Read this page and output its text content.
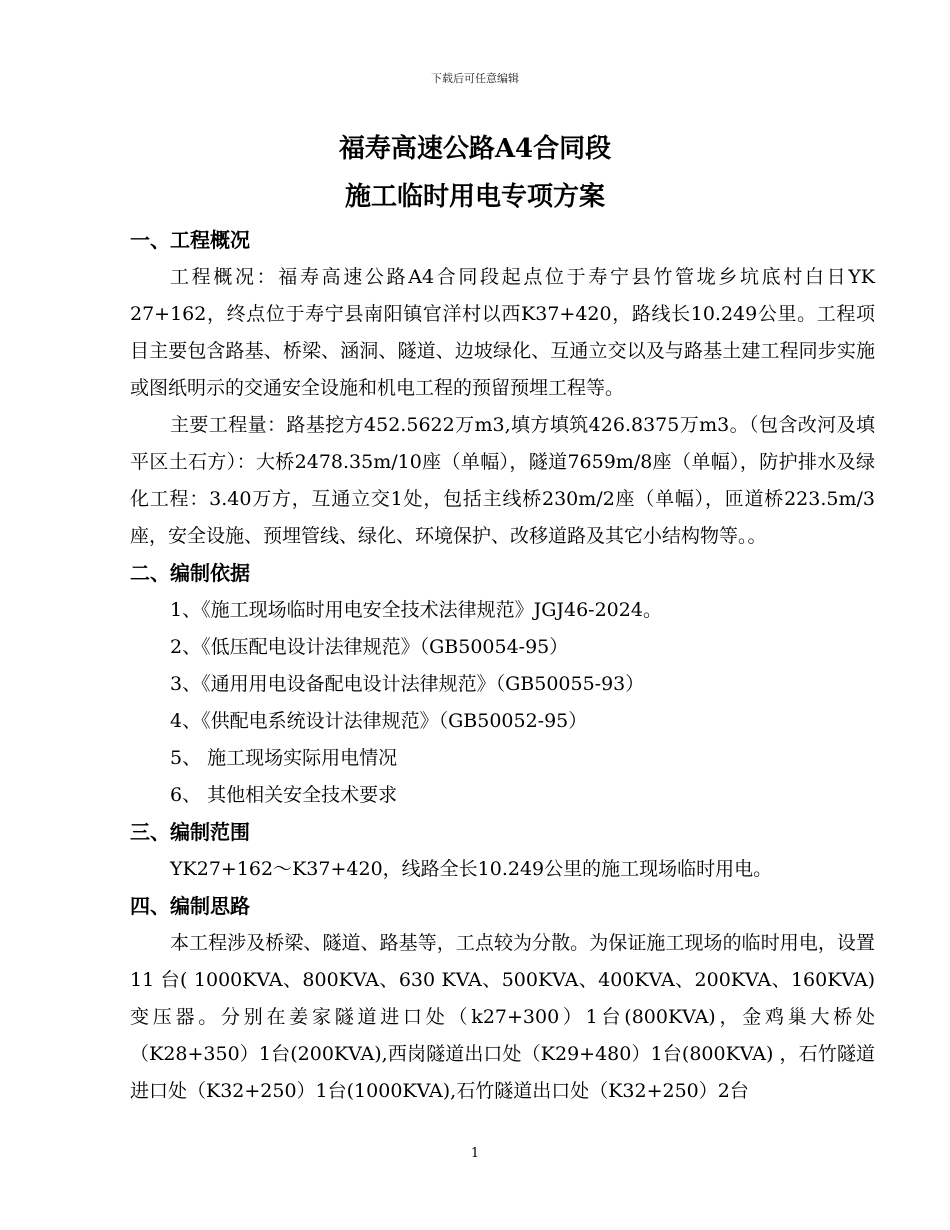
下载后可任意编辑
福寿高速公路A4合同段
施工临时用电专项方案
一、工程概况
工程概况：福寿高速公路A4合同段起点位于寿宁县竹管垅乡坑底村白日YK 27+162，终点位于寿宁县南阳镇官洋村以西K37+420，路线长10.249公里。工程项目主要包含路基、桥梁、涵洞、隧道、边坡绿化、互通立交以及与路基土建工程同步实施或图纸明示的交通安全设施和机电工程的预留预埋工程等。
主要工程量：路基挖方452.5622万m3,填方填筑426.8375万m3。（包含改河及填平区土石方）：大桥2478.35m/10座（单幅），隧道7659m/8座（单幅），防护排水及绿化工程：3.40万方，互通立交1处，包括主线桥230m/2座（单幅），匝道桥223.5m/3座，安全设施、预埋管线、绿化、环境保护、改移道路及其它小结构物等。。
二、编制依据
1、《施工现场临时用电安全技术法律规范》JGJ46-2024。
2、《低压配电设计法律规范》（GB50054-95）
3、《通用用电设备配电设计法律规范》（GB50055-93）
4、《供配电系统设计法律规范》（GB50052-95）
5、 施工现场实际用电情况
6、 其他相关安全技术要求
三、编制范围
YK27+162～K37+420，线路全长10.249公里的施工现场临时用电。
四、编制思路
本工程涉及桥梁、隧道、路基等，工点较为分散。为保证施工现场的临时用电，设置 11 台( 1000KVA、800KVA、630 KVA、500KVA、400KVA、200KVA、160KVA)变压器。分别在姜家隧道进口处（k27+300）1台(800KVA)，金鸡巢大桥处（K28+350）1台(200KVA),西岗隧道出口处（K29+480）1台(800KVA) ，石竹隧道进口处（K32+250）1台(1000KVA),石竹隧道出口处（K32+250）2台
1
